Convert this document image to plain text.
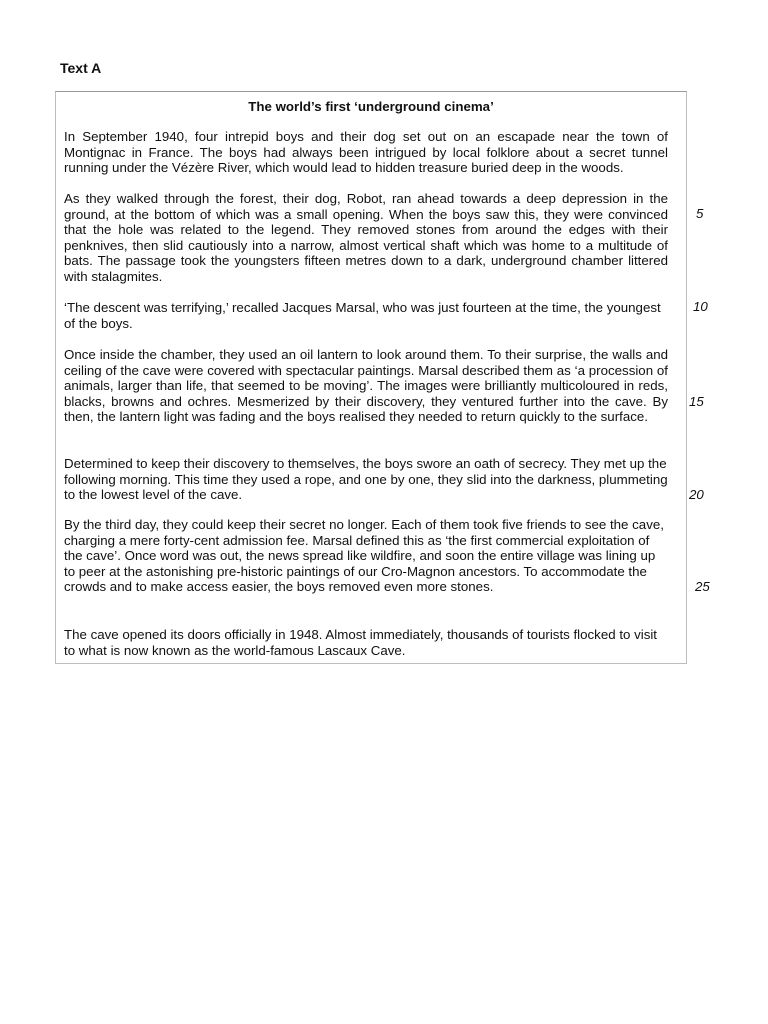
Text A
The world’s first ‘underground cinema’

In September 1940, four intrepid boys and their dog set out on an escapade near the town of Montignac in France. The boys had always been intrigued by local folklore about a secret tunnel running under the Vézère River, which would lead to hidden treasure buried deep in the woods.

As they walked through the forest, their dog, Robot, ran ahead towards a deep depression in the ground, at the bottom of which was a small opening. When the boys saw this, they were convinced that the hole was related to the legend. They removed stones from around the edges with their penknives, then slid cautiously into a narrow, almost vertical shaft which was home to a multitude of bats. The passage took the youngsters fifteen metres down to a dark, underground chamber littered with stalagmites.

‘The descent was terrifying,’ recalled Jacques Marsal, who was just fourteen at the time, the youngest of the boys.

Once inside the chamber, they used an oil lantern to look around them. To their surprise, the walls and ceiling of the cave were covered with spectacular paintings. Marsal described them as ‘a procession of animals, larger than life, that seemed to be moving’. The images were brilliantly multicoloured in reds, blacks, browns and ochres. Mesmerized by their discovery, they ventured further into the cave. By then, the lantern light was fading and the boys realised they needed to return quickly to the surface.

Determined to keep their discovery to themselves, the boys swore an oath of secrecy. They met up the following morning. This time they used a rope, and one by one, they slid into the darkness, plummeting to the lowest level of the cave.

By the third day, they could keep their secret no longer. Each of them took five friends to see the cave, charging a mere forty-cent admission fee. Marsal defined this as ‘the first commercial exploitation of the cave’. Once word was out, the news spread like wildfire, and soon the entire village was lining up to peer at the astonishing pre-historic paintings of our Cro-Magnon ancestors. To accommodate the crowds and to make access easier, the boys removed even more stones.

The cave opened its doors officially in 1948. Almost immediately, thousands of tourists flocked to visit to what is now known as the world-famous Lascaux Cave.

5
10
15
20
25
